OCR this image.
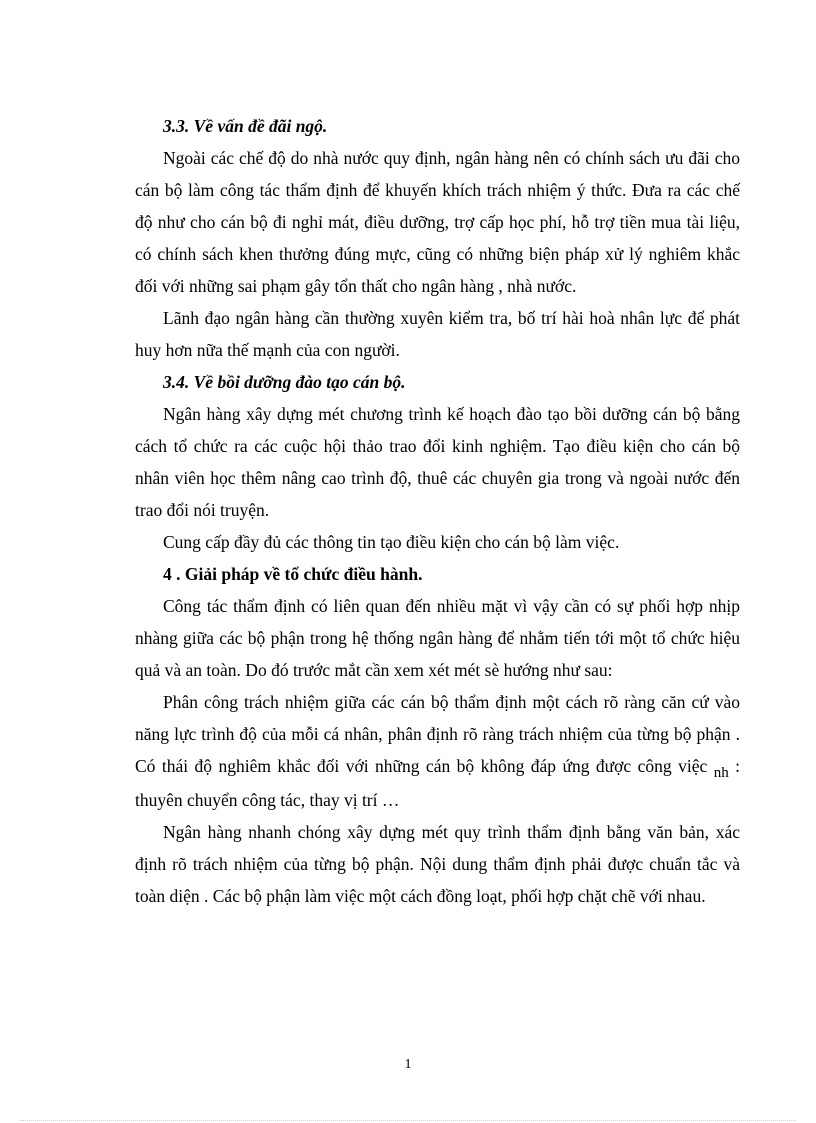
3.3. Về vấn đề đãi ngộ.

Ngoài các chế độ do nhà nước quy định, ngân hàng nên có chính sách ưu đãi cho cán bộ làm công tác thẩm định để khuyến khích trách nhiệm ý thức. Đưa ra các chế độ như cho cán bộ đi nghỉ mát, điều dưỡng, trợ cấp học phí, hỗ trợ tiền mua tài liệu, có chính sách khen thưởng đúng mực, cũng có những biện pháp xử lý nghiêm khắc đối với những sai phạm gây tổn thất cho ngân hàng , nhà nước.

Lãnh đạo ngân hàng cần thường xuyên kiểm tra, bố trí hài hoà nhân lực để phát huy hơn nữa thế mạnh của con người.

3.4. Về bồi dưỡng đào tạo cán bộ.

Ngân hàng xây dựng mét chương trình kế hoạch đào tạo bồi dưỡng cán bộ bằng cách tổ chức ra các cuộc hội thảo trao đổi kinh nghiệm. Tạo điều kiện cho cán bộ nhân viên học thêm nâng cao trình độ, thuê các chuyên gia trong và ngoài nước đến trao đổi nói truyện.

Cung cấp đầy đủ các thông tin tạo điều kiện cho cán bộ làm việc.

4 . Giải pháp về tổ chức điều hành.

Công tác thẩm định có liên quan đến nhiều mặt vì vậy cần có sự phối hợp nhịp nhàng giữa các bộ phận trong hệ thống ngân hàng để nhằm tiến tới một tổ chức hiệu quả và an toàn. Do đó trước mắt cần xem xét mét sè hướng như sau:

Phân công trách nhiệm giữa các cán bộ thẩm định một cách rõ ràng căn cứ vào năng lực trình độ của mỗi cá nhân, phân định rõ ràng trách nhiệm của từng bộ phận . Có thái độ nghiêm khắc đối với những cán bộ không đáp ứng được công việc nh : thuyên chuyển công tác, thay vị trí …

Ngân hàng nhanh chóng xây dựng mét quy trình thẩm định bằng văn bản, xác định rõ trách nhiệm của từng bộ phận. Nội dung thẩm định phải được chuẩn tắc và toàn diện . Các bộ phận làm việc một cách đồng loạt, phối hợp chặt chẽ với nhau.

1
